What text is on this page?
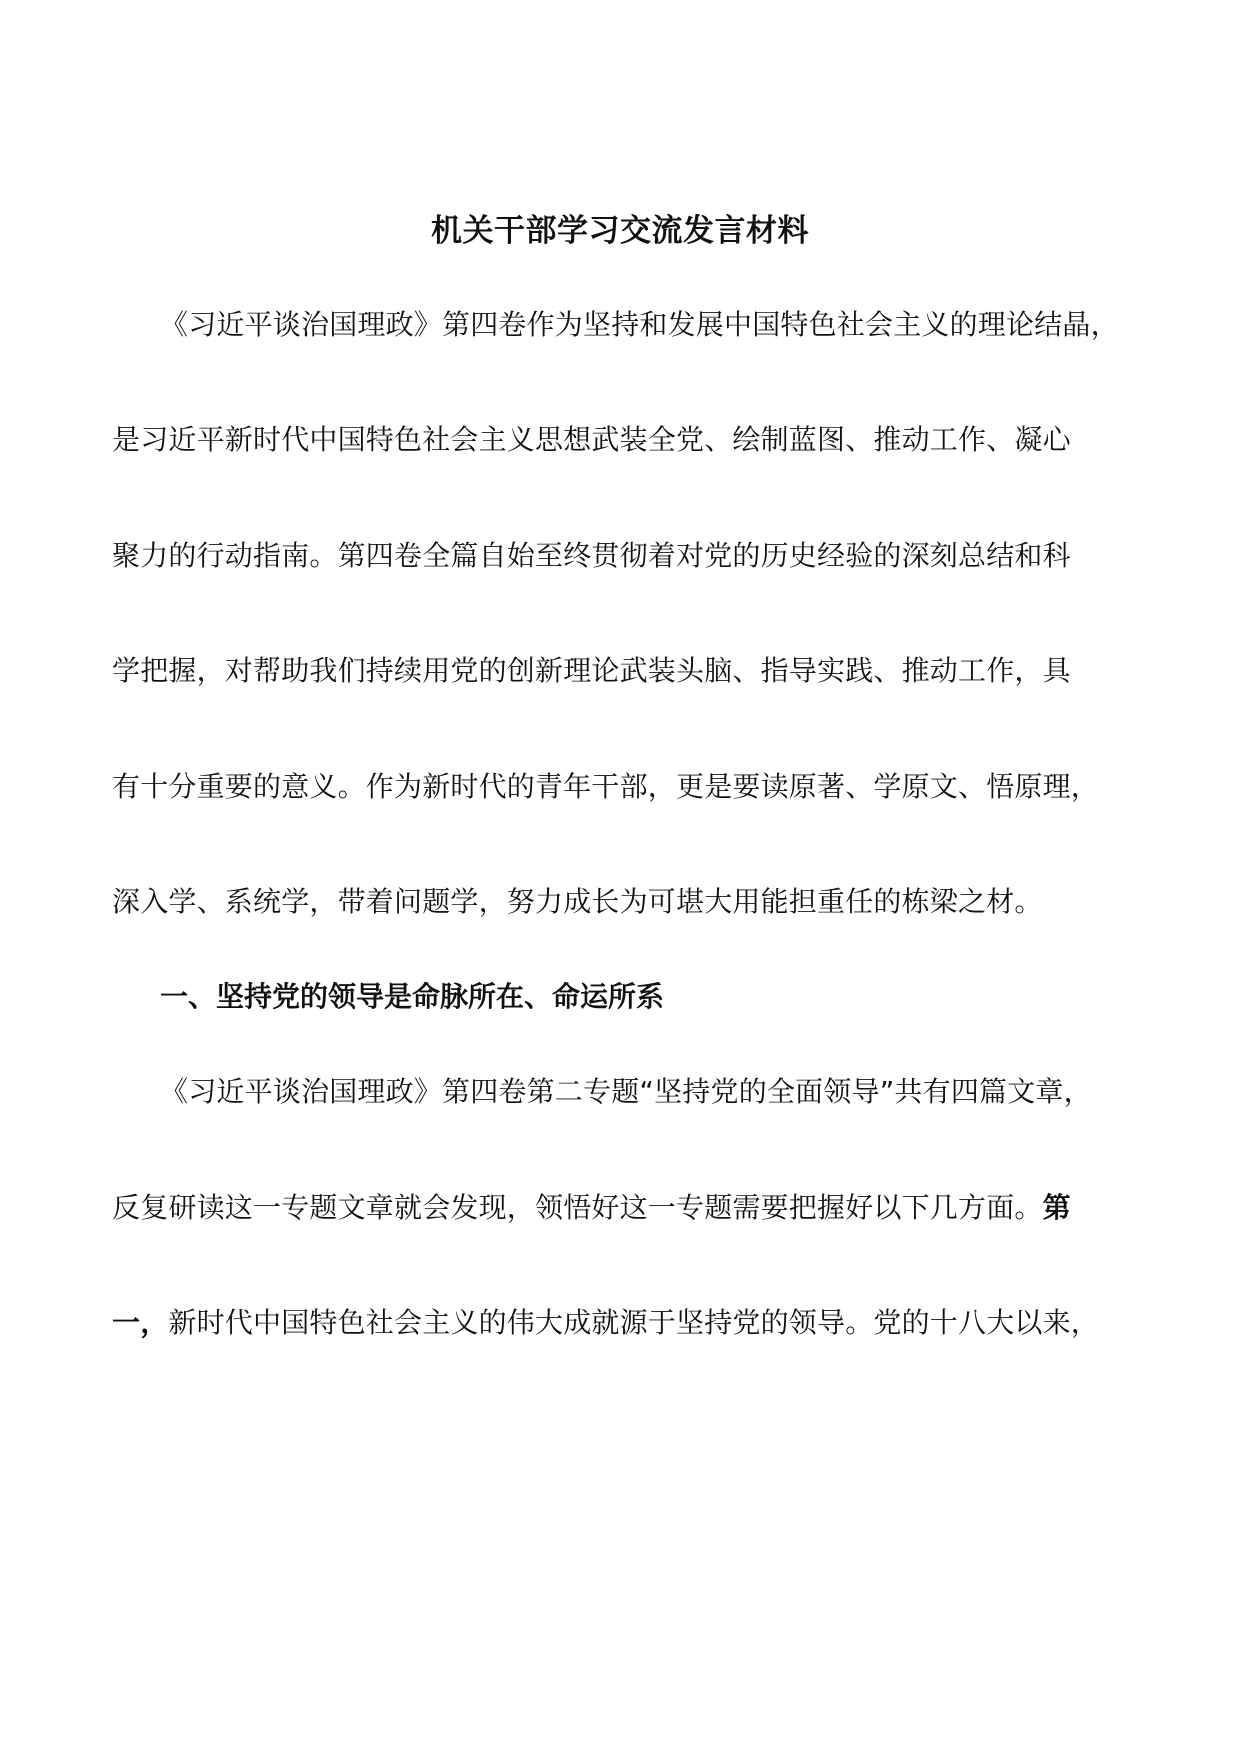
机关干部学习交流发言材料
《习近平谈治国理政》第四卷作为坚持和发展中国特色社会主义的理论结晶，
是习近平新时代中国特色社会主义思想武装全党、绘制蓝图、推动工作、凝心
聚力的行动指南。第四卷全篇自始至终贯彻着对党的历史经验的深刻总结和科
学把握，对帮助我们持续用党的创新理论武装头脑、指导实践、推动工作，具
有十分重要的意义。作为新时代的青年干部，更是要读原著、学原文、悟原理，
深入学、系统学，带着问题学，努力成长为可堪大用能担重任的栋梁之材。
一、坚持党的领导是命脉所在、命运所系
《习近平谈治国理政》第四卷第二专题“坚持党的全面领导”共有四篇文章，
反复研读这一专题文章就会发现，领悟好这一专题需要把握好以下几方面。第
一，新时代中国特色社会主义的伟大成就源于坚持党的领导。党的十八大以来，
